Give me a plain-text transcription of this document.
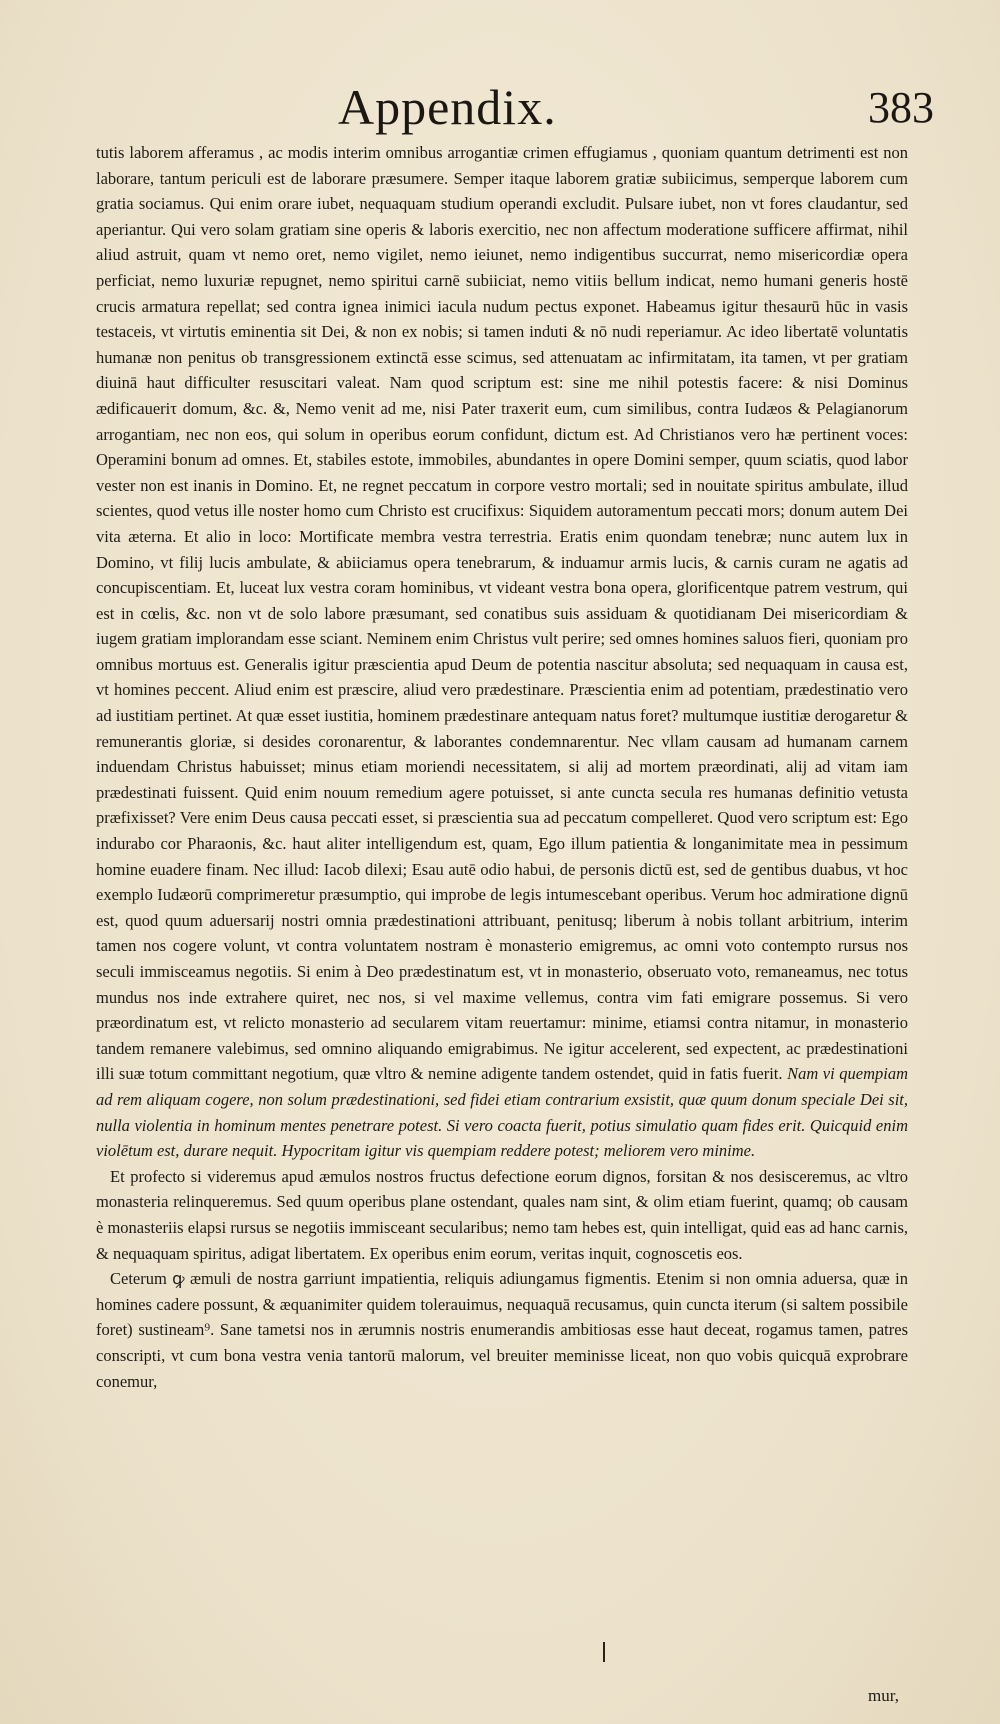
Appendix.	383

tutis laborem afferamus , ac modis interim omnibus arrogantiæ crimen effugiamus , quoniam quantum detrimenti est non laborare, tantum periculi est de laborare præsumere. Semper itaque laborem gratiæ subiicimus, semperque laborem cum gratia sociamus. Qui enim orare iubet, nequaquam studium operandi excludit. Pulsare iubet, non vt fores claudantur, sed aperiantur. Qui vero solam gratiam sine operis & laboris exercitio, nec non affectum moderatione sufficere affirmat, nihil aliud astruit, quam vt nemo oret, nemo vigilet, nemo ieiunet, nemo indigentibus succurrat, nemo misericordiæ opera perficiat, nemo luxuriæ repugnet, nemo spiritui carnē subiiciat, nemo vitiis bellum indicat, nemo humani generis hostē crucis armatura repellat; sed contra ignea inimici iacula nudum pectus exponet. Habeamus igitur thesaurū hūc in vasis testaceis, vt virtutis eminentia sit Dei, & non ex nobis; si tamen induti & nō nudi reperiamur. Ac ideo libertatē voluntatis humanæ non penitus ob transgressionem extinctā esse scimus, sed attenuatam ac infirmitatam, ita tamen, vt per gratiam diuinā haut difficulter resuscitari valeat. Nam quod scriptum est: sine me nihil potestis facere: & nisi Dominus ædificaueriτ domum, &c. &, Nemo venit ad me, nisi Pater traxerit eum, cum similibus, contra Iudæos & Pelagianorum arrogantiam, nec non eos, qui solum in operibus eorum confidunt, dictum est. Ad Christianos vero hæ pertinent voces: Operamini bonum ad omnes. Et, stabiles estote, immobiles, abundantes in opere Domini semper, quum sciatis, quod labor vester non est inanis in Domino. Et, ne regnet peccatum in corpore vestro mortali; sed in nouitate spiritus ambulate, illud scientes, quod vetus ille noster homo cum Christo est crucifixus: Siquidem autoramentum peccati mors; donum autem Dei vita æterna. Et alio in loco: Mortificate membra vestra terrestria. Eratis enim quondam tenebræ; nunc autem lux in Domino, vt filij lucis ambulate, & abiiciamus opera tenebrarum, & induamur armis lucis, & carnis curam ne agatis ad concupiscentiam. Et, luceat lux vestra coram hominibus, vt videant vestra bona opera, glorificentque patrem vestrum, qui est in cœlis, &c. non vt de solo labore præsumant, sed conatibus suis assiduam & quotidianam Dei misericordiam & iugem gratiam implorandam esse sciant. Neminem enim Christus vult perire; sed omnes homines saluos fieri, quoniam pro omnibus mortuus est. Generalis igitur præscientia apud Deum de potentia nascitur absoluta; sed nequaquam in causa est, vt homines peccent. Aliud enim est præscire, aliud vero prædestinare. Præscientia enim ad potentiam, prædestinatio vero ad iustitiam pertinet. At quæ esset iustitia, hominem prædestinare antequam natus foret? multumque iustitiæ derogaretur & remunerantis gloriæ, si desides coronarentur, & laborantes condemnarentur. Nec vllam causam ad humanam carnem induendam Christus habuisset; minus etiam moriendi necessitatem, si alij ad mortem præordinati, alij ad vitam iam prædestinati fuissent. Quid enim nouum remedium agere potuisset, si ante cuncta secula res humanas definitio vetusta præfixisset? Vere enim Deus causa peccati esset, si præscientia sua ad peccatum compelleret. Quod vero scriptum est: Ego indurabo cor Pharaonis, &c. haut aliter intelligendum est, quam, Ego illum patientia & longanimitate mea in pessimum homine euadere finam. Nec illud: Iacob dilexi; Esau autē odio habui, de personis dictū est, sed de gentibus duabus, vt hoc exemplo Iudæorū comprimeretur præsumptio, qui improbe de legis intumescebant operibus. Verum hoc admiratione dignū est, quod quum aduersarij nostri omnia prædestinationi attribuant, penitusq; liberum à nobis tollant arbitrium, interim tamen nos cogere volunt, vt contra voluntatem nostram è monasterio emigremus, ac omni voto contempto rursus nos seculi immisceamus negotiis. Si enim à Deo prædestinatum est, vt in monasterio, obseruato voto, remaneamus, nec totus mundus nos inde extrahere quiret, nec nos, si vel maxime vellemus, contra vim fati emigrare possemus. Si vero præordinatum est, vt relicto monasterio ad secularem vitam reuertamur: minime, etiamsi contra nitamur, in monasterio tandem remanere valebimus, sed omnino aliquando emigrabimus. Ne igitur accelerent, sed expectent, ac prædestinationi illi suæ totum committant negotium, quæ vltro & nemine adigente tandem ostendet, quid in fatis fuerit. Nam vi quempiam ad rem aliquam cogere, non solum prædestinationi, sed fidei etiam contrarium exsistit, quæ quum donum speciale Dei sit, nulla violentia in hominum mentes penetrare potest. Si vero coacta fuerit, potius simulatio quam fides erit. Quicquid enim violētum est, durare nequit. Hypocritam igitur vis quempiam reddere potest; meliorem vero minime.

Et profecto si videremus apud æmulos nostros fructus defectione eorum dignos, forsitan & nos desisceremus, ac vltro monasteria relinqueremus. Sed quum operibus plane ostendant, quales nam sint, & olim etiam fuerint, quamq; ob causam è monasteriis elapsi rursus se negotiis immisceant secularibus; nemo tam hebes est, quin intelligat, quid eas ad hanc carnis, & nequaquam spiritus, adigat libertatem. Ex operibus enim eorum, veritas inquit, cognoscetis eos.

Ceterum ꝙ æmuli de nostra garriunt impatientia, reliquis adiungamus figmentis. Etenim si non omnia aduersa, quæ in homines cadere possunt, & æquanimiter quidem tolerauimus, nequaquā recusamus, quin cuncta iterum (si saltem possibile foret) sustineam⁹. Sane tametsi nos in ærumnis nostris enumerandis ambitiosas esse haut deceat, rogamus tamen, patres conscripti, vt cum bona vestra venia tantorū malorum, vel breuiter meminisse liceat, non quo vobis quicquā exprobrare conemur,

mur,
